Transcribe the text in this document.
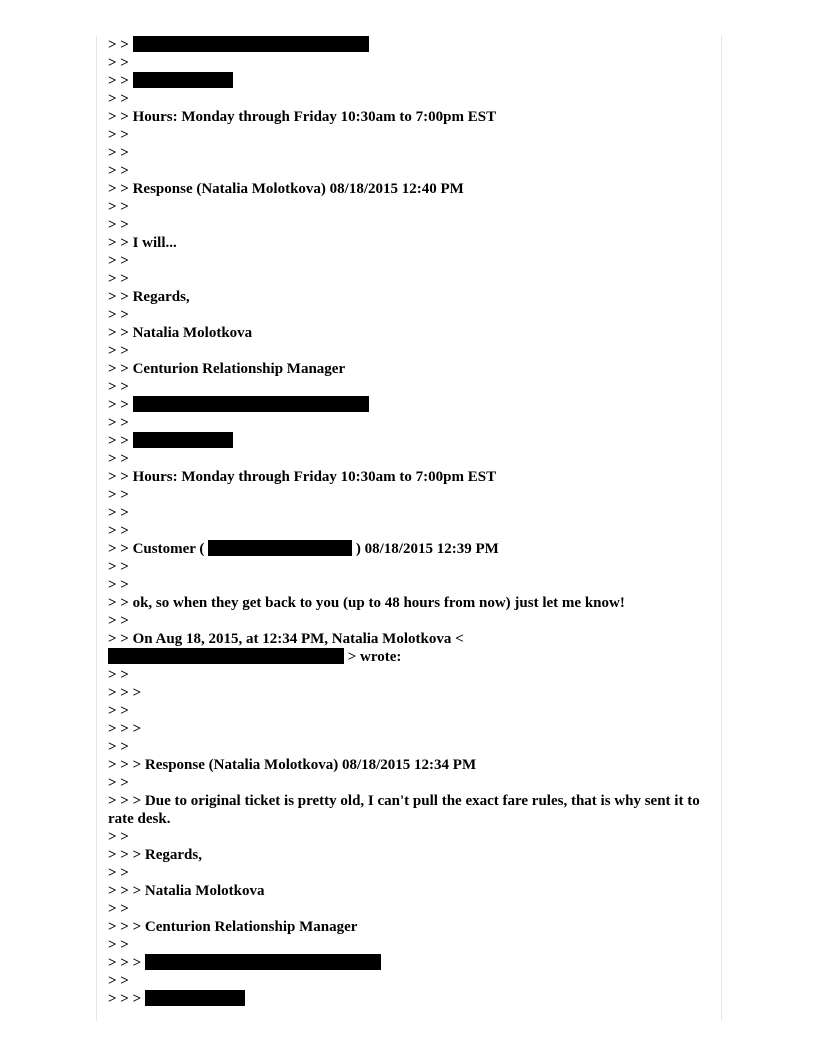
> >
> >
> >
> >
> > Hours: Monday through Friday 10:30am to 7:00pm EST
> >
> >
> >
> > Response (Natalia Molotkova) 08/18/2015 12:40 PM
> >
> >
> > I will...
> >
> >
> > Regards,
> >
> > Natalia Molotkova
> >
> > Centurion Relationship Manager
> >
> >
> >
> >
> >
> > Hours: Monday through Friday 10:30am to 7:00pm EST
> >
> >
> >
> > Customer (	) 08/18/2015 12:39 PM
> >
> >
> > ok, so when they get back to you (up to 48 hours from now) just let me know!
> >
> > On Aug 18, 2015, at 12:34 PM, Natalia Molotkova <
> wrote:
> >
> > >
> >
> > >
> >
> > > Response (Natalia Molotkova) 08/18/2015 12:34 PM
> >
> > > Due to original ticket is pretty old, I can't pull the exact fare rules, that is why sent it to rate desk.
> >
> > > Regards,
> >
> > > Natalia Molotkova
> >
> > > Centurion Relationship Manager
> >
> > >
> >
> > >
